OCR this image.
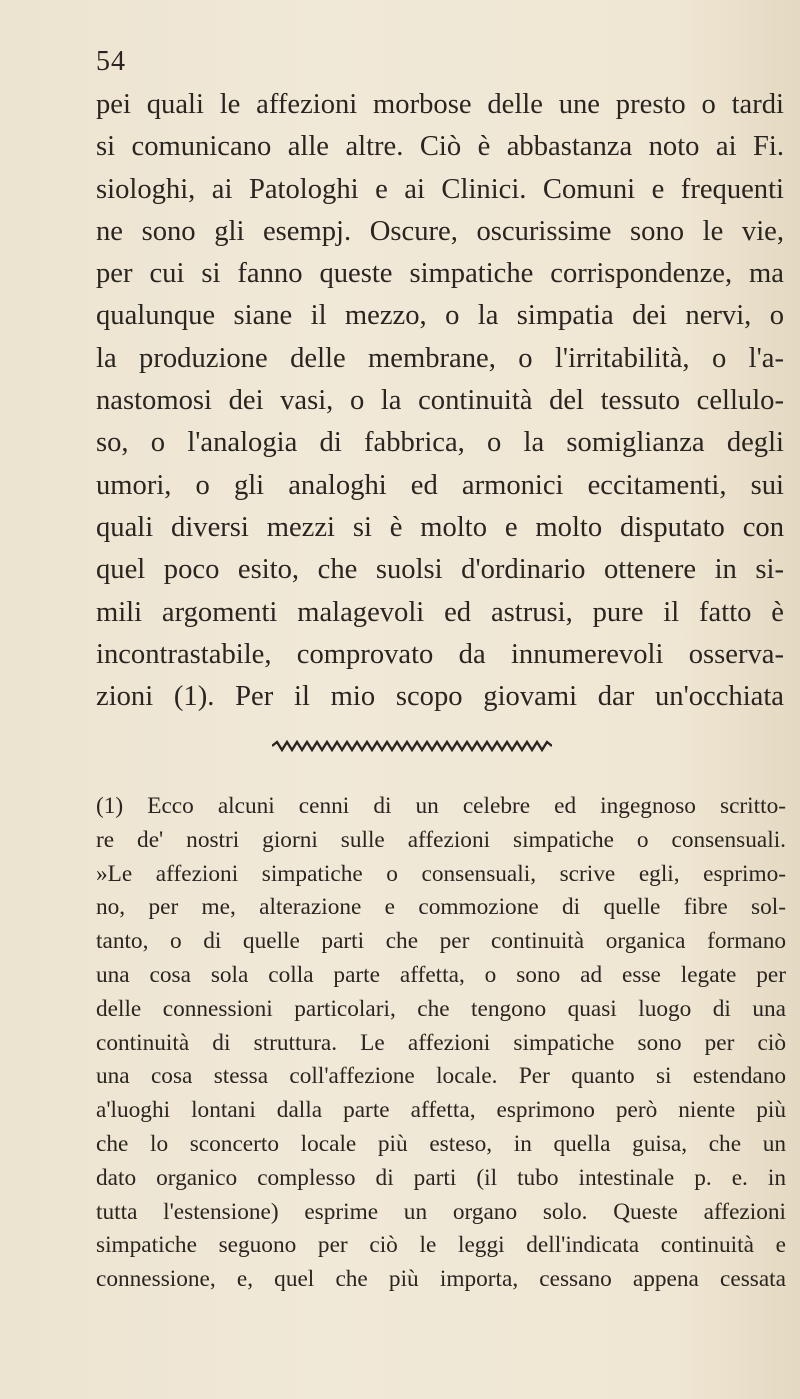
54
pei quali le affezioni morbose delle une presto o tardi
si comunicano alle altre. Ciò è abbastanza noto ai Fi.
siologhi, ai Patologhi e ai Clinici. Comuni e frequenti
ne sono gli esempj. Oscure, oscurissime sono le vie,
per cui si fanno queste simpatiche corrispondenze, ma
qualunque siane il mezzo, o la simpatia dei nervi, o
la produzione delle membrane, o l'irritabilità, o l'a-
nastomosi dei vasi, o la continuità del tessuto cellulo-
so, o l'analogia di fabbrica, o la somiglianza degli
umori, o gli analoghi ed armonici eccitamenti, sui
quali diversi mezzi si è molto e molto disputato con
quel poco esito, che suolsi d'ordinario ottenere in si-
mili argomenti malagevoli ed astrusi, pure il fatto è
incontrastabile, comprovato da innumerevoli osserva-
zioni (1). Per il mio scopo giovami dar un'occhiata
(1) Ecco alcuni cenni di un celebre ed ingegnoso scritto-
re de' nostri giorni sulle affezioni simpatiche o consensuali.
»Le affezioni simpatiche o consensuali, scrive egli, esprimo-
no, per me, alterazione e commozione di quelle fibre sol-
tanto, o di quelle parti che per continuità organica formano
una cosa sola colla parte affetta, o sono ad esse legate per
delle connessioni particolari, che tengono quasi luogo di una
continuità di struttura. Le affezioni simpatiche sono per ciò
una cosa stessa coll'affezione locale. Per quanto si estendano
a'luoghi lontani dalla parte affetta, esprimono però niente più
che lo sconcerto locale più esteso, in quella guisa, che un
dato organico complesso di parti (il tubo intestinale p. e. in
tutta l'estensione) esprime un organo solo. Queste affezioni
simpatiche seguono per ciò le leggi dell'indicata continuità e
connessione, e, quel che più importa, cessano appena cessata
